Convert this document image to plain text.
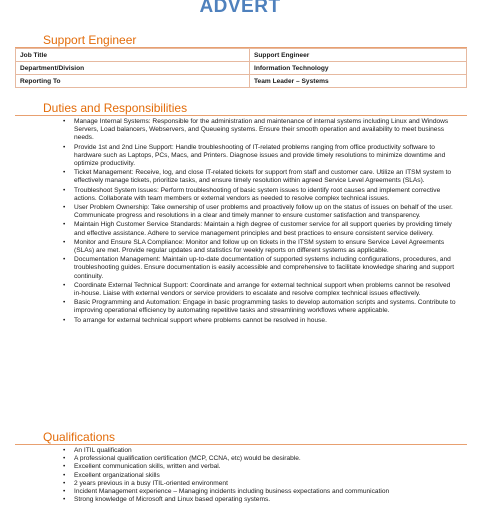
ADVERT
Support Engineer
Job Title	Support Engineer
Department/Division	Information Technology
Reporting To	Team Leader – Systems
Duties and Responsibilities
• Manage Internal Systems: Responsible for the administration and maintenance of internal systems including Linux and Windows Servers, Load balancers, Webservers, and Queueing systems. Ensure their smooth operation and availability to meet business needs.
• Provide 1st and 2nd Line Support: Handle troubleshooting of IT-related problems ranging from office productivity software to hardware such as Laptops, PCs, Macs, and Printers. Diagnose issues and provide timely resolutions to minimize downtime and optimize productivity.
• Ticket Management: Receive, log, and close IT-related tickets for support from staff and customer care. Utilize an ITSM system to effectively manage tickets, prioritize tasks, and ensure timely resolution within agreed Service Level Agreements (SLAs).
• Troubleshoot System Issues: Perform troubleshooting of basic system issues to identify root causes and implement corrective actions. Collaborate with team members or external vendors as needed to resolve complex technical issues.
• User Problem Ownership: Take ownership of user problems and proactively follow up on the status of issues on behalf of the user. Communicate progress and resolutions in a clear and timely manner to ensure customer satisfaction and transparency.
• Maintain High Customer Service Standards: Maintain a high degree of customer service for all support queries by providing timely and effective assistance. Adhere to service management principles and best practices to ensure consistent service delivery.
• Monitor and Ensure SLA Compliance: Monitor and follow up on tickets in the ITSM system to ensure Service Level Agreements (SLAs) are met. Provide regular updates and statistics for weekly reports on different systems as applicable.
• Documentation Management: Maintain up-to-date documentation of supported systems including configurations, procedures, and troubleshooting guides. Ensure documentation is easily accessible and comprehensive to facilitate knowledge sharing and support continuity.
• Coordinate External Technical Support: Coordinate and arrange for external technical support when problems cannot be resolved in-house. Liaise with external vendors or service providers to escalate and resolve complex technical issues effectively.
• Basic Programming and Automation: Engage in basic programming tasks to develop automation scripts and systems. Contribute to improving operational efficiency by automating repetitive tasks and streamlining workflows where applicable.
• To arrange for external technical support where problems cannot be resolved in house.
Qualifications
• An ITIL qualification
• A professional qualification certification (MCP, CCNA, etc) would be desirable.
• Excellent communication skills, written and verbal.
• Excellent organizational skills
• 2 years previous in a busy ITIL-oriented environment
• Incident Management experience – Managing incidents including business expectations and communication
• Strong knowledge of Microsoft and Linux based operating systems.
